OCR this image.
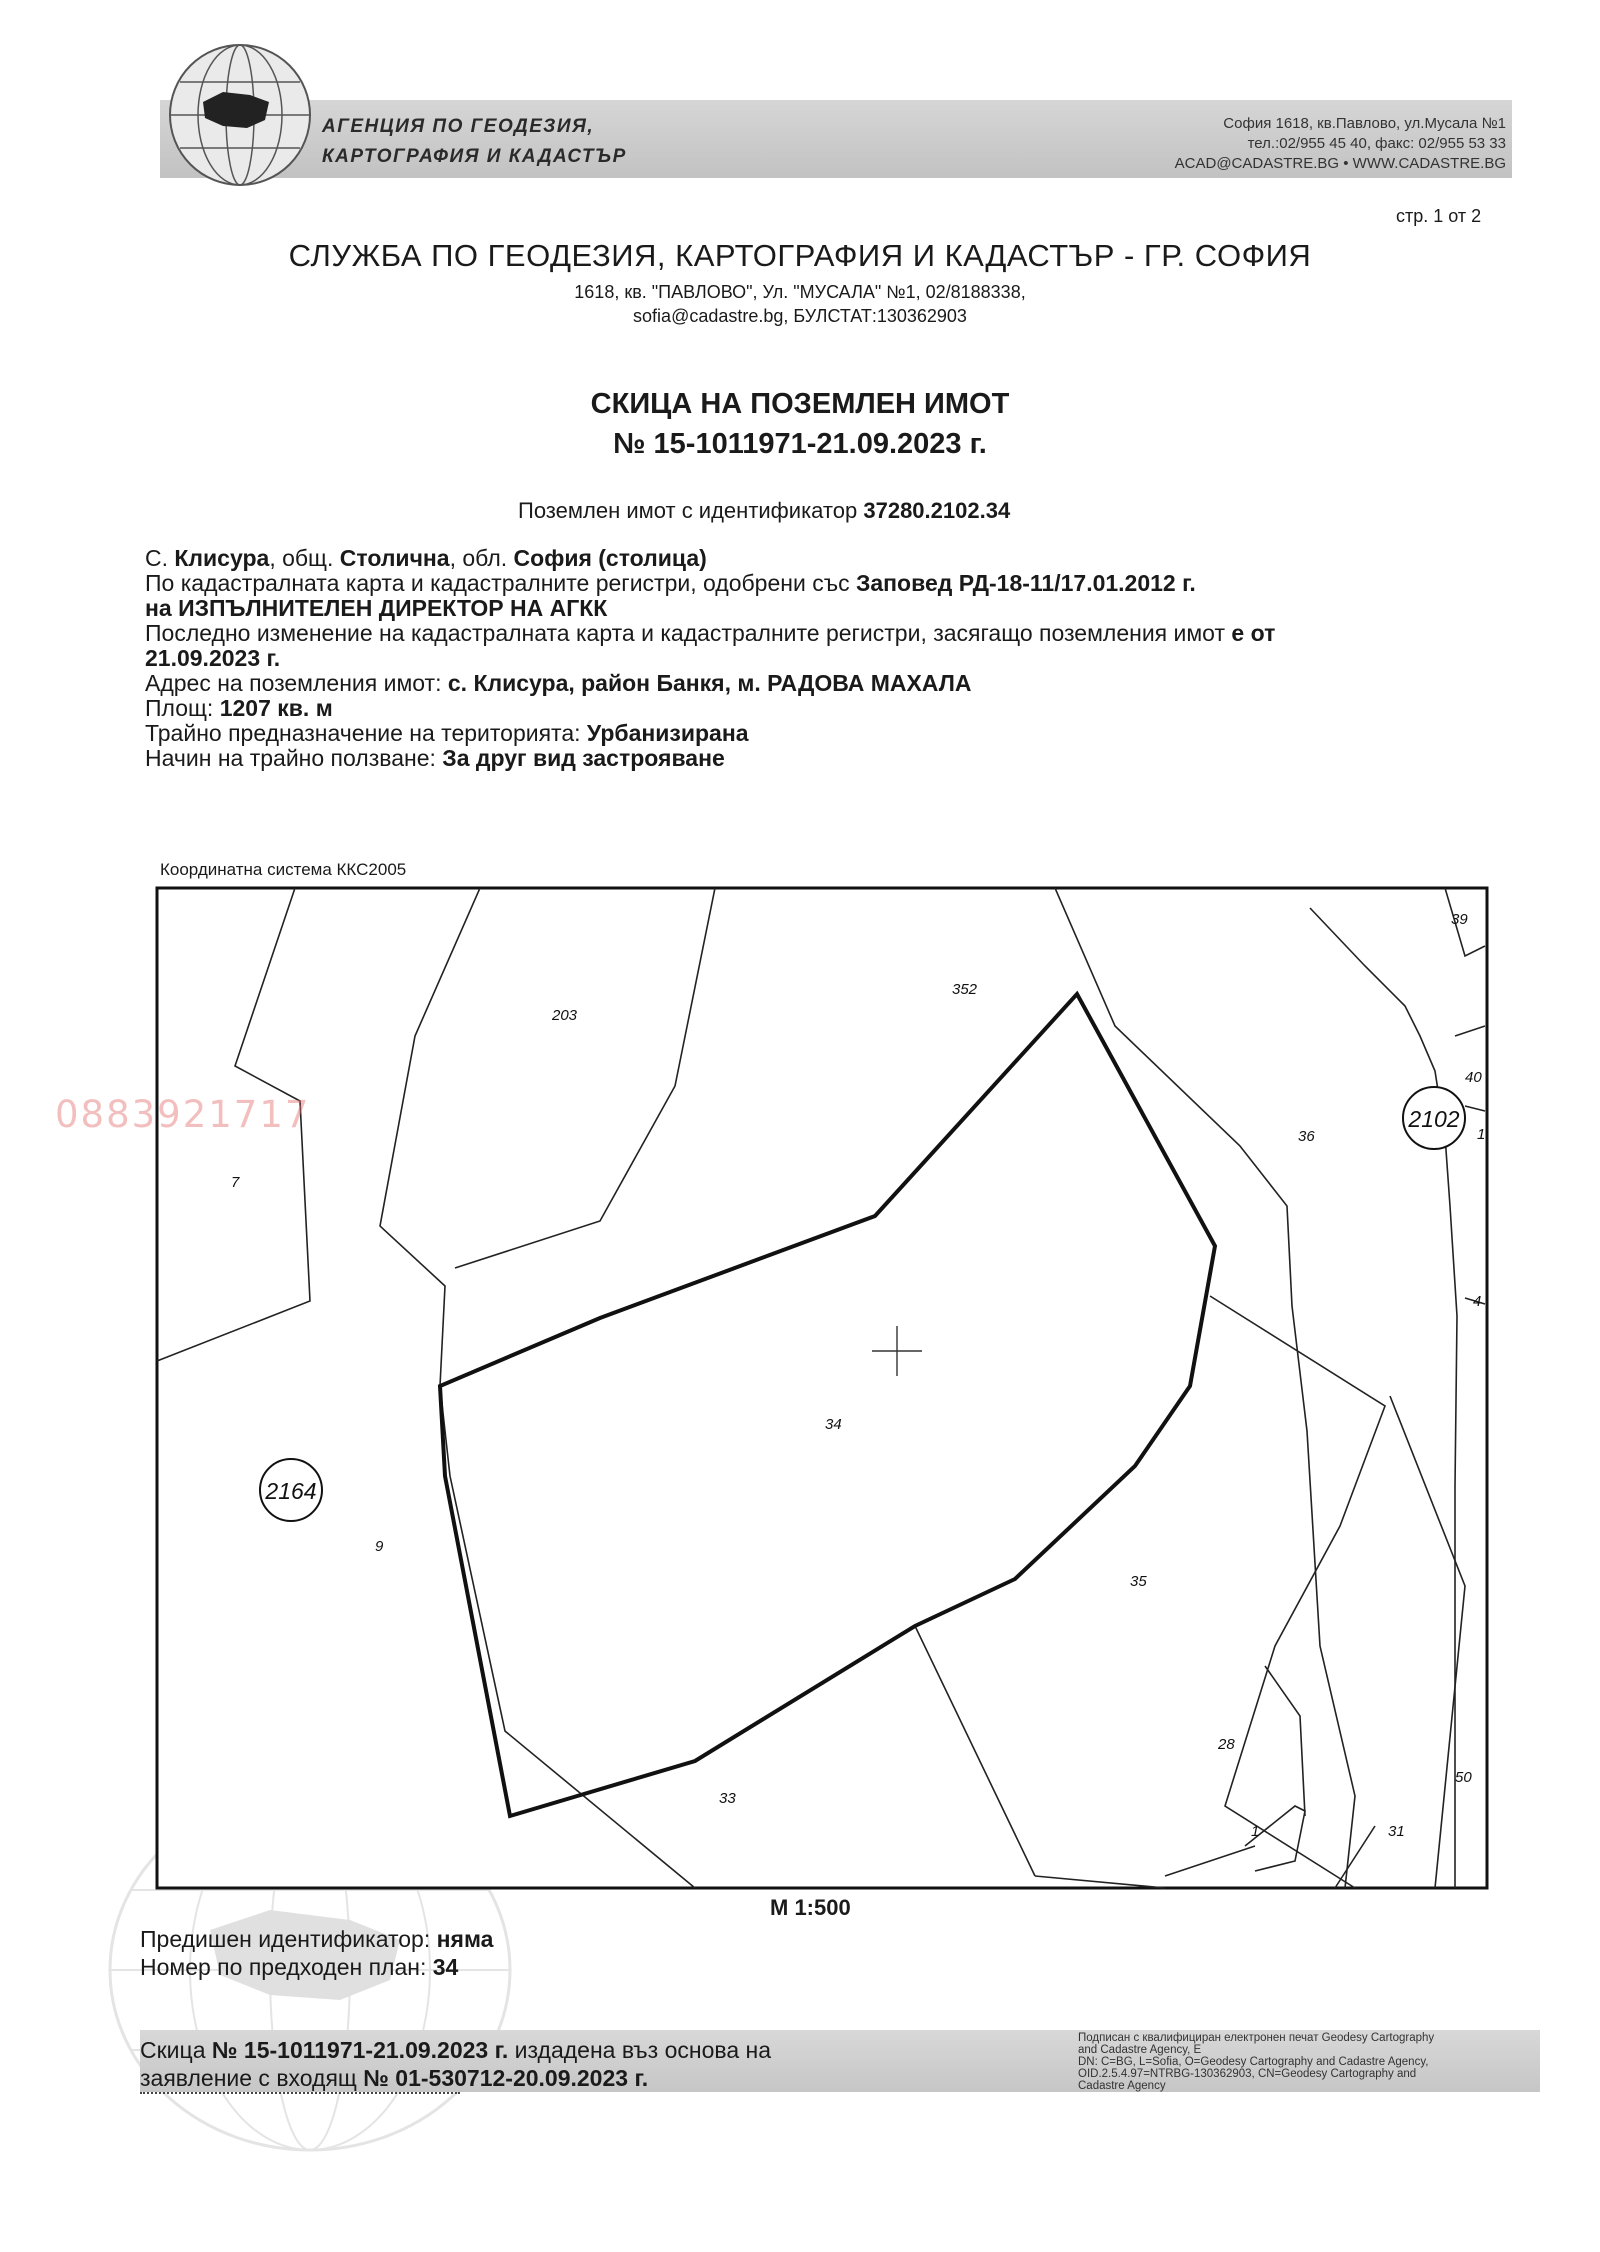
АГЕНЦИЯ ПО ГЕОДЕЗИЯ,
КАРТОГРАФИЯ И КАДАСТЪР
София 1618, кв.Павлово, ул.Мусала №1
тел.:02/955 45 40, факс: 02/955 53 33
ACAD@CADASTRE.BG • WWW.CADASTRE.BG
стр. 1 от 2
СЛУЖБА ПО ГЕОДЕЗИЯ, КАРТОГРАФИЯ И КАДАСТЪР - ГР. СОФИЯ
1618, кв. "ПАВЛОВО", Ул. "МУСАЛА" №1, 02/8188338,
sofia@cadastre.bg, БУЛСТАТ:130362903
СКИЦА НА ПОЗЕМЛЕН ИМОТ
№ 15-1011971-21.09.2023 г.
Поземлен имот с идентификатор 37280.2102.34
С. Клисура, общ. Столична, обл. София (столица)
По кадастралната карта и кадастралните регистри, одобрени със Заповед РД-18-11/17.01.2012 г.
на ИЗПЪЛНИТЕЛЕН ДИРЕКТОР НА АГКК
Последно изменение на кадастралната карта и кадастралните регистри, засягащо поземления имот е от
21.09.2023 г.
Адрес на поземления имот: с. Клисура, район Банкя, м. РАДОВА МАХАЛА
Площ: 1207 кв. м
Трайно предназначение на територията: Урбанизирана
Начин на трайно ползване: За друг вид застрояване
Координатна система ККС2005
203
352
7
36
34
9
35
28
33
1	31
50
39
40
4
1
2102
2164
0883921717
М 1:500
Предишен идентификатор: няма
Номер по предходен план: 34
Скица № 15-1011971-21.09.2023 г. издадена въз основа на
заявление с входящ № 01-530712-20.09.2023 г.
Подписан с квалифициран електронен печат Geodesy Cartography
and Cadastre Agency, E
DN: C=BG, L=Sofia, O=Geodesy Cartography and Cadastre Agency,
OID.2.5.4.97=NTRBG-130362903, CN=Geodesy Cartography and
Cadastre Agency
